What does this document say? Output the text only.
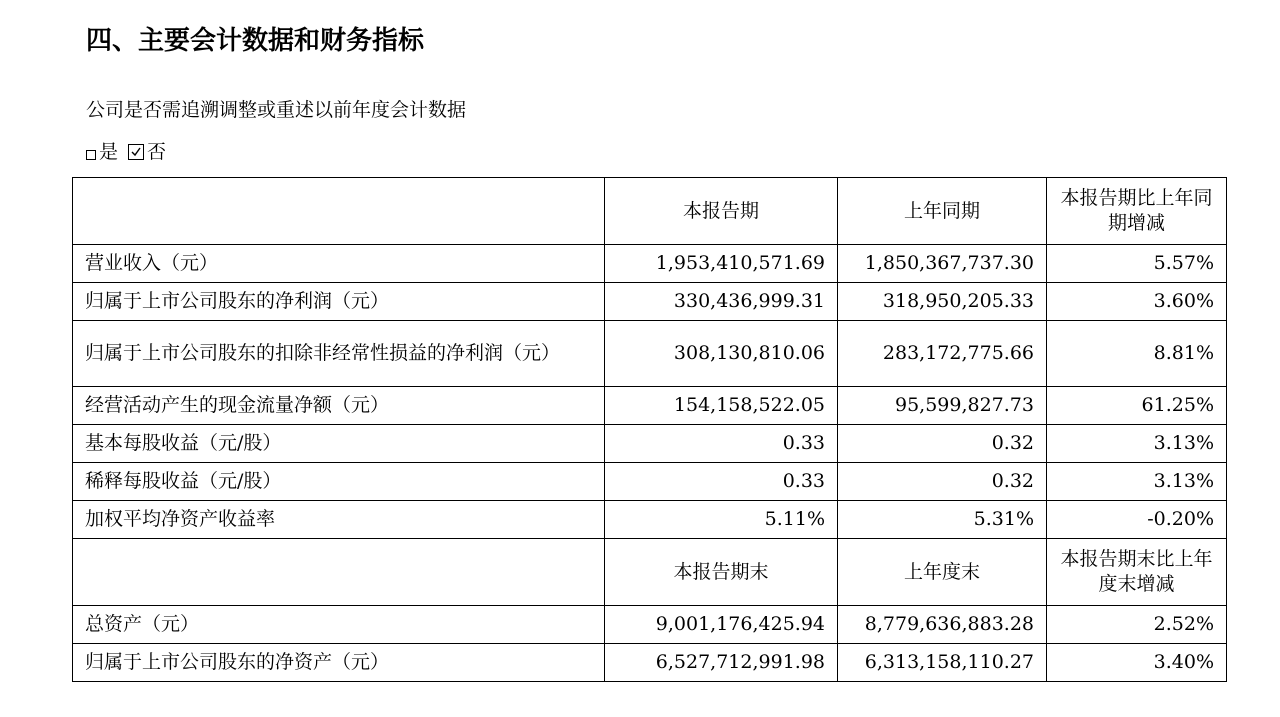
四、主要会计数据和财务指标
公司是否需追溯调整或重述以前年度会计数据
是 否
	本报告期	上年同期	本报告期比上年同期增减
营业收入（元）	1,953,410,571.69	1,850,367,737.30	5.57%
归属于上市公司股东的净利润（元）	330,436,999.31	318,950,205.33	3.60%
归属于上市公司股东的扣除非经常性损益的净利润（元）	308,130,810.06	283,172,775.66	8.81%
经营活动产生的现金流量净额（元）	154,158,522.05	95,599,827.73	61.25%
基本每股收益（元/股）	0.33	0.32	3.13%
稀释每股收益（元/股）	0.33	0.32	3.13%
加权平均净资产收益率	5.11%	5.31%	-0.20%
	本报告期末	上年度末	本报告期末比上年度末增减
总资产（元）	9,001,176,425.94	8,779,636,883.28	2.52%
归属于上市公司股东的净资产（元）	6,527,712,991.98	6,313,158,110.27	3.40%
